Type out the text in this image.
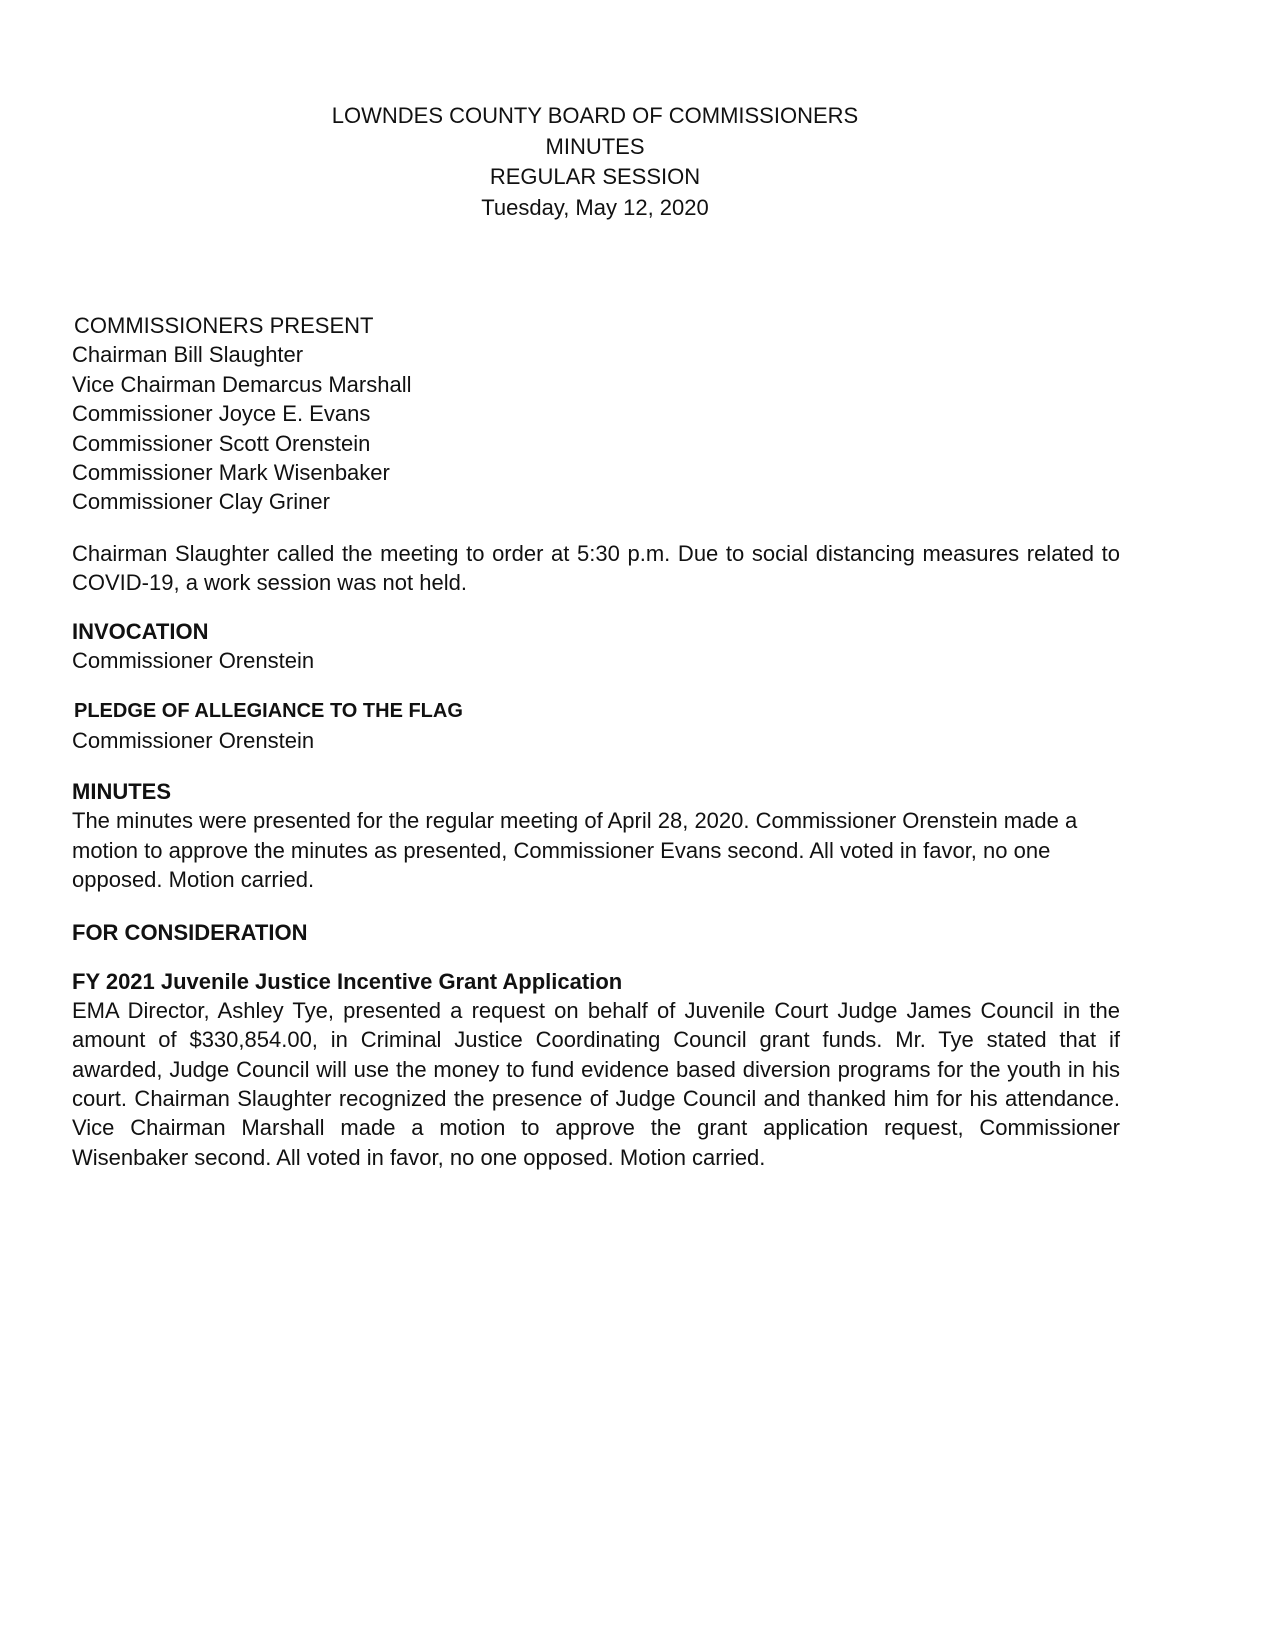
LOWNDES COUNTY BOARD OF COMMISSIONERS
MINUTES
REGULAR SESSION
Tuesday, May 12, 2020
COMMISSIONERS PRESENT
Chairman Bill Slaughter
Vice Chairman Demarcus Marshall
Commissioner Joyce E. Evans
Commissioner Scott Orenstein
Commissioner Mark Wisenbaker
Commissioner Clay Griner
Chairman Slaughter called the meeting to order at 5:30 p.m. Due to social distancing measures related to COVID-19, a work session was not held.
INVOCATION
Commissioner Orenstein
PLEDGE OF ALLEGIANCE TO THE FLAG
Commissioner Orenstein
MINUTES
The minutes were presented for the regular meeting of April 28, 2020. Commissioner Orenstein made a motion to approve the minutes as presented, Commissioner Evans second. All voted in favor, no one opposed. Motion carried.
FOR CONSIDERATION
FY 2021 Juvenile Justice Incentive Grant Application
EMA Director, Ashley Tye, presented a request on behalf of Juvenile Court Judge James Council in the amount of $330,854.00, in Criminal Justice Coordinating Council grant funds. Mr. Tye stated that if awarded, Judge Council will use the money to fund evidence based diversion programs for the youth in his court. Chairman Slaughter recognized the presence of Judge Council and thanked him for his attendance. Vice Chairman Marshall made a motion to approve the grant application request, Commissioner Wisenbaker second. All voted in favor, no one opposed. Motion carried.
